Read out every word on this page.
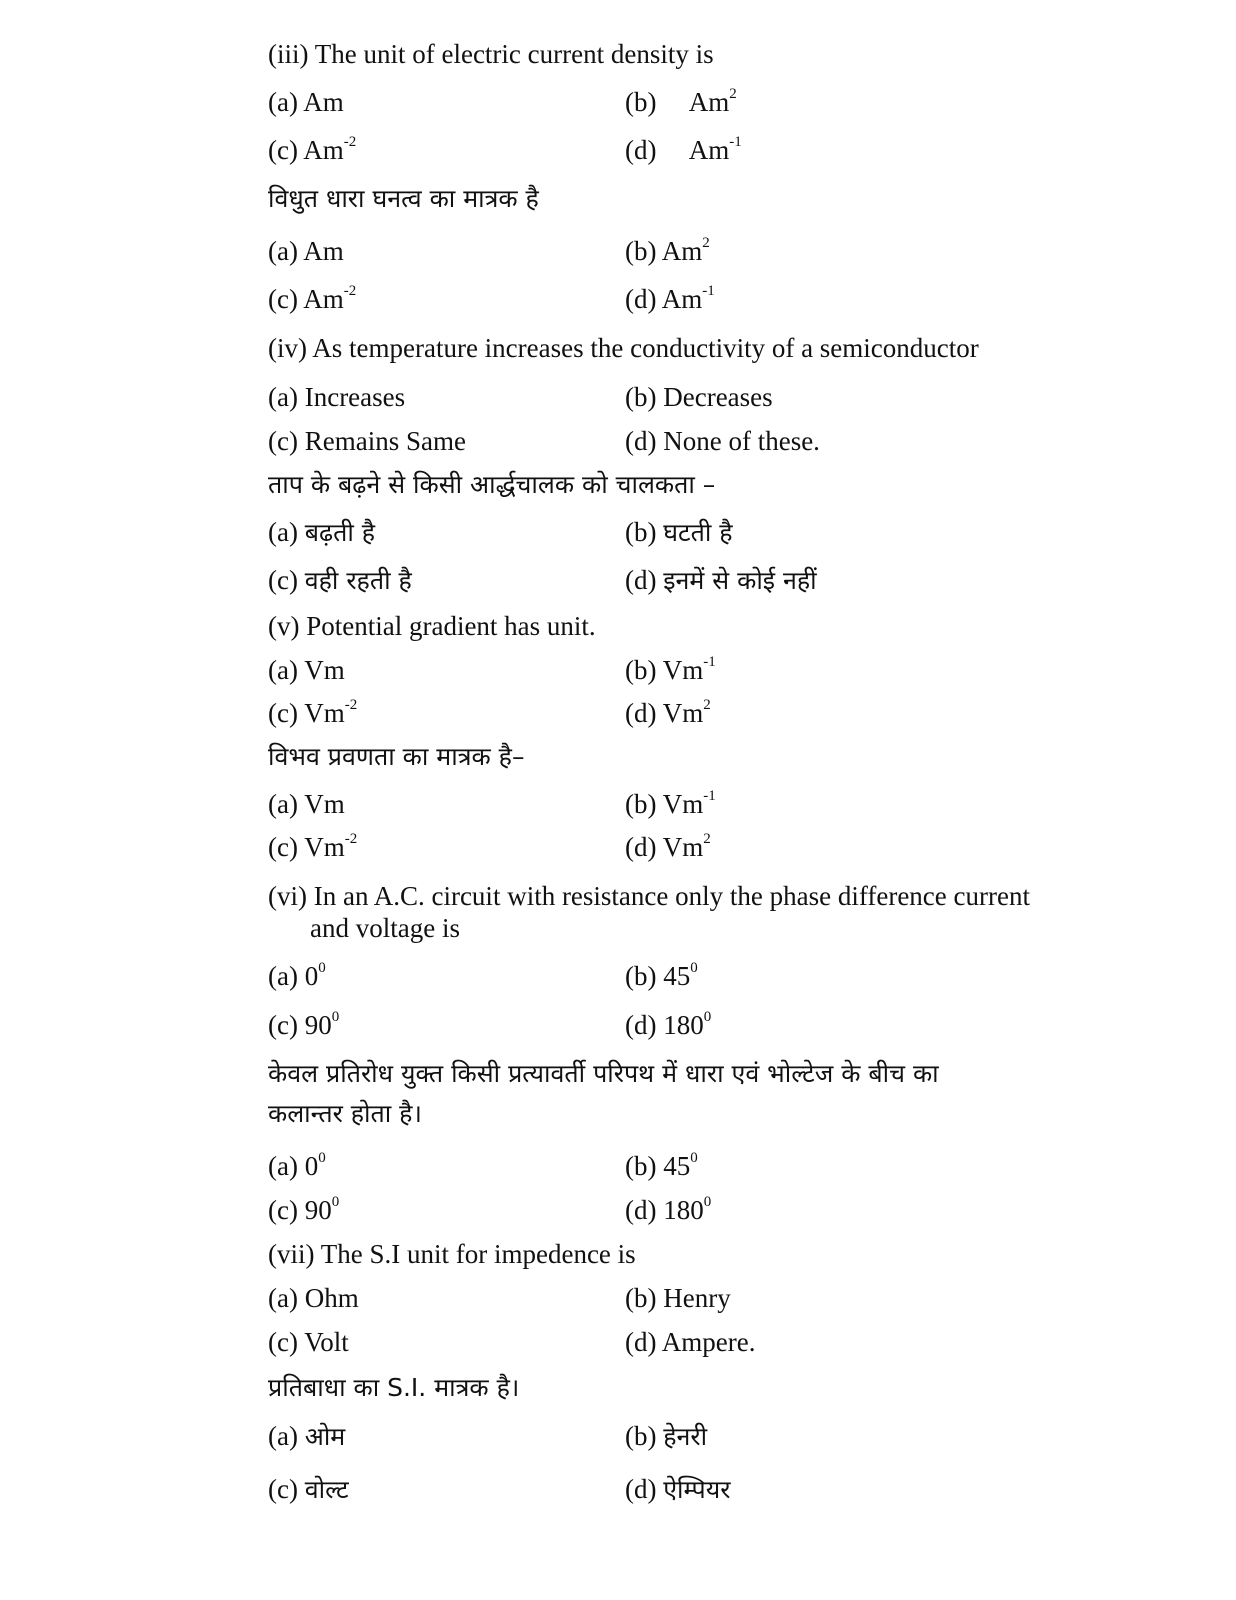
(iii) The unit of electric current density is
(a) Am	(b) Am$^2$
(c) $Am^{-2}$	(d) $Am^{-1}$
विधुत धारा घनत्व का मात्रक है
(a) Am	(b) Am$^2$
(c) $Am^{-2}$	(d) $Am^{-1}$
(iv) As temperature increases the conductivity of a semiconductor
(a) Increases	(b) Decreases
(c) Remains Same	(d) None of these.
ताप के बढ़ने से किसी आर्द्धचालक को चालकता –
(a) बढ़ती है	(b) घटती है
(c) वही रहती है	(d) इनमें से कोई नहीं
(v) Potential gradient has unit.
(a) Vm	(b) $Vm^{-1}$
(c) $Vm^{-2}$	(d) Vm$^2$
विभव प्रवणता का मात्रक है–
(a) Vm	(b) $Vm^{-1}$
(c) $Vm^{-2}$	(d) Vm$^2$
(vi) In an A.C. circuit with resistance only the phase difference current
and voltage is
(a) $0^0$	(b) $45^0$
(c) $90^0$	(d) $180^0$
केवल प्रतिरोध युक्त किसी प्रत्यावर्ती परिपथ में धारा एवं भोल्टेज के बीच का
कलान्तर होता है।
(a) $0^0$	(b) $45^0$
(c) $90^0$	(d) $180^0$
(vii) The S.I unit for impedence is
(a) Ohm	(b) Henry
(c) Volt	(d) Ampere.
प्रतिबाधा का S.I. मात्रक है।
(a) ओम	(b) हेनरी
(c) वोल्ट	(d) ऐम्पियर
